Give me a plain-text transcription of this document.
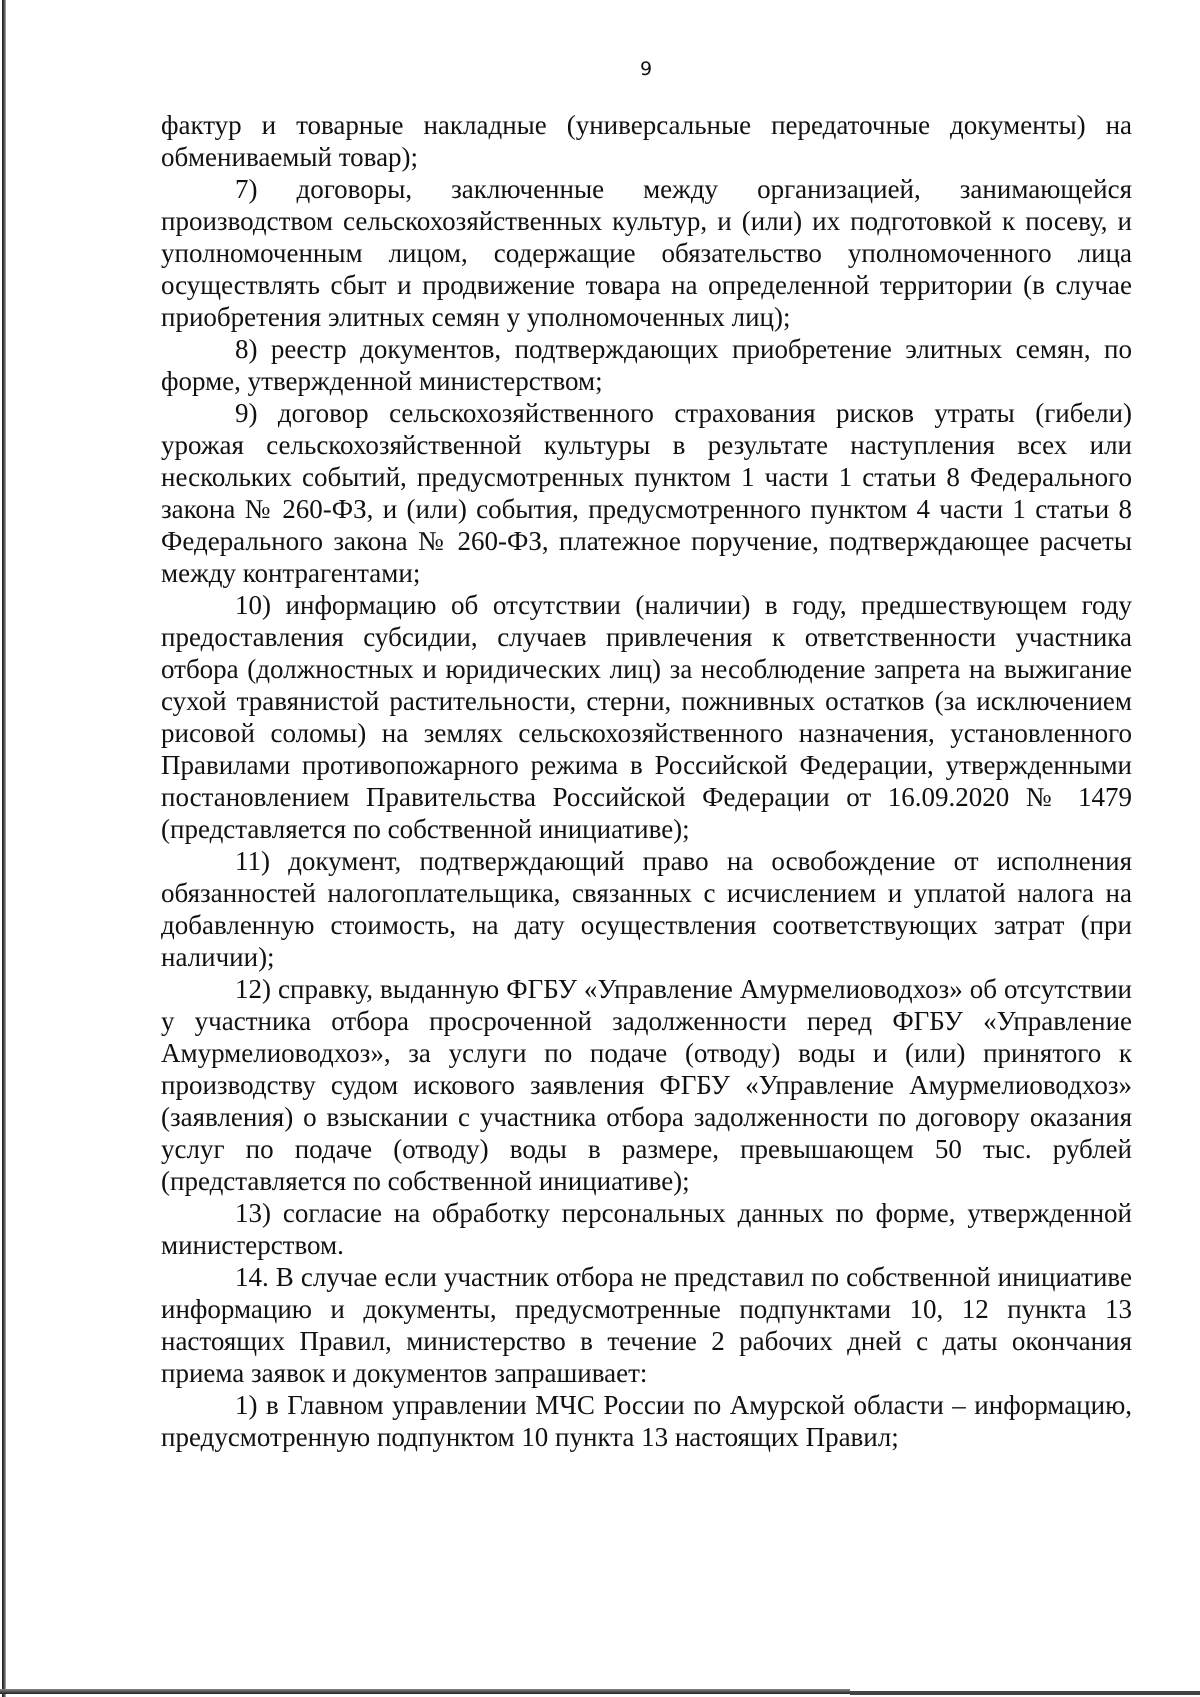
9

фактур и товарные накладные (универсальные передаточные документы) на обмениваемый товар);

7) договоры, заключенные между организацией, занимающейся производством сельскохозяйственных культур, и (или) их подготовкой к посеву, и уполномоченным лицом, содержащие обязательство уполномоченного лица осуществлять сбыт и продвижение товара на определенной территории (в случае приобретения элитных семян у уполномоченных лиц);

8) реестр документов, подтверждающих приобретение элитных семян, по форме, утвержденной министерством;

9) договор сельскохозяйственного страхования рисков утраты (гибели) урожая сельскохозяйственной культуры в результате наступления всех или нескольких событий, предусмотренных пунктом 1 части 1 статьи 8 Федерального закона № 260-ФЗ, и (или) события, предусмотренного пунктом 4 части 1 статьи 8 Федерального закона № 260-ФЗ, платежное поручение, подтверждающее расчеты между контрагентами;

10) информацию об отсутствии (наличии) в году, предшествующем году предоставления субсидии, случаев привлечения к ответственности участника отбора (должностных и юридических лиц) за несоблюдение запрета на выжигание сухой травянистой растительности, стерни, пожнивных остатков (за исключением рисовой соломы) на землях сельскохозяйственного назначения, установленного Правилами противопожарного режима в Российской Федерации, утвержденными постановлением Правительства Российской Федерации от 16.09.2020 № 1479 (представляется по собственной инициативе);

11) документ, подтверждающий право на освобождение от исполнения обязанностей налогоплательщика, связанных с исчислением и уплатой налога на добавленную стоимость, на дату осуществления соответствующих затрат (при наличии);

12) справку, выданную ФГБУ «Управление Амурмелиоводхоз» об отсутствии у участника отбора просроченной задолженности перед ФГБУ «Управление Амурмелиоводхоз», за услуги по подаче (отводу) воды и (или) принятого к производству судом искового заявления ФГБУ «Управление Амурмелиоводхоз» (заявления) о взыскании с участника отбора задолженности по договору оказания услуг по подаче (отводу) воды в размере, превышающем 50 тыс. рублей (представляется по собственной инициативе);

13) согласие на обработку персональных данных по форме, утвержденной министерством.

14. В случае если участник отбора не представил по собственной инициативе информацию и документы, предусмотренные подпунктами 10, 12 пункта 13 настоящих Правил, министерство в течение 2 рабочих дней с даты окончания приема заявок и документов запрашивает:

1) в Главном управлении МЧС России по Амурской области – информацию, предусмотренную подпунктом 10 пункта 13 настоящих Правил;
